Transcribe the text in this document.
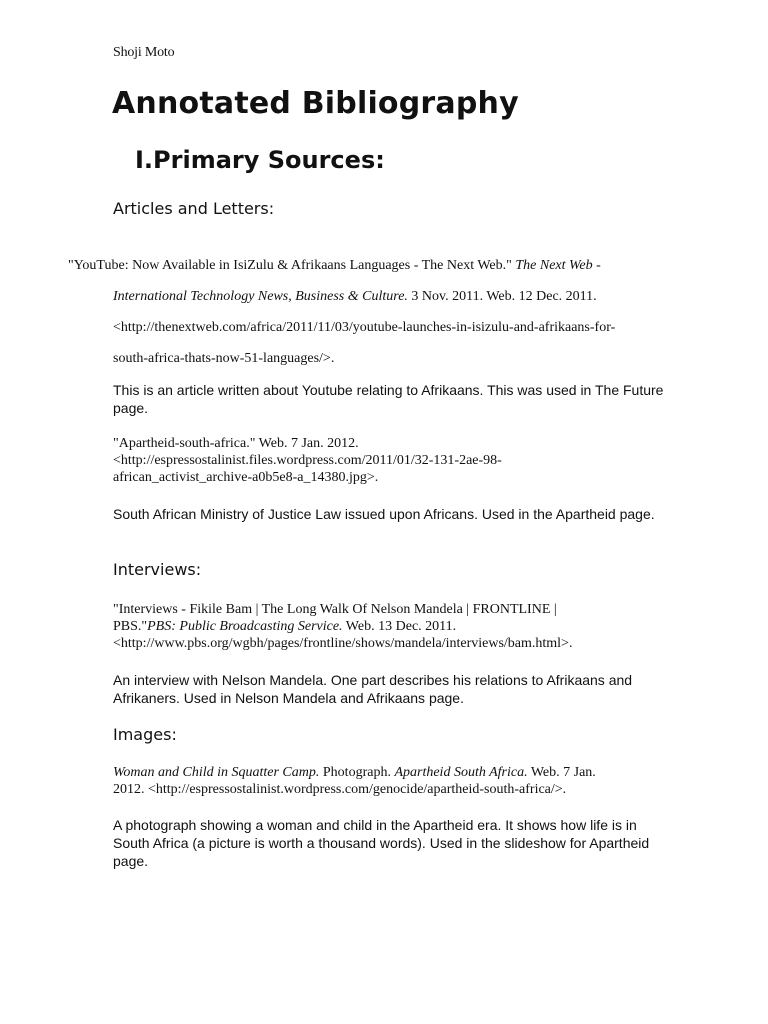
Shoji Moto
Annotated Bibliography
I.Primary Sources:
Articles and Letters:
"YouTube: Now Available in IsiZulu & Afrikaans Languages - The Next Web." The Next Web -
International Technology News, Business & Culture. 3 Nov. 2011. Web. 12 Dec. 2011.
<http://thenextweb.com/africa/2011/11/03/youtube-launches-in-isizulu-and-afrikaans-for-
south-africa-thats-now-51-languages/>.
This is an article written about Youtube relating to Afrikaans. This was used in The Future page.
"Apartheid-south-africa." Web. 7 Jan. 2012.
<http://espressostalinist.files.wordpress.com/2011/01/32-131-2ae-98-
african_activist_archive-a0b5e8-a_14380.jpg>.
South African Ministry of Justice Law issued upon Africans. Used in the Apartheid page.
Interviews:
"Interviews - Fikile Bam | The Long Walk Of Nelson Mandela | FRONTLINE |
PBS."PBS: Public Broadcasting Service. Web. 13 Dec. 2011.
<http://www.pbs.org/wgbh/pages/frontline/shows/mandela/interviews/bam.html>.
An interview with Nelson Mandela. One part describes his relations to Afrikaans and Afrikaners. Used in Nelson Mandela and Afrikaans page.
Images:
Woman and Child in Squatter Camp. Photograph. Apartheid South Africa. Web. 7 Jan.
2012. <http://espressostalinist.wordpress.com/genocide/apartheid-south-africa/>.
A photograph showing a woman and child in the Apartheid era. It shows how life is in South Africa (a picture is worth a thousand words). Used in the slideshow for Apartheid page.
